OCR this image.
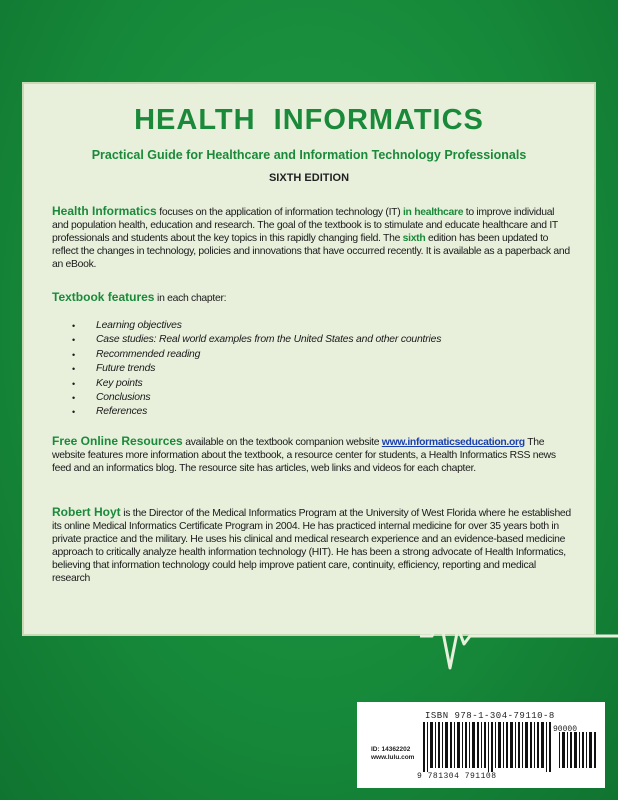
HEALTH  INFORMATICS
Practical Guide for Healthcare and Information Technology Professionals
SIXTH EDITION
Health Informatics focuses on the application of information technology (IT) in healthcare to improve individual and population health, education and research. The goal of the textbook is to stimulate and educate healthcare and IT professionals and students about the key topics in this rapidly changing field. The sixth edition has been updated to reflect the changes in technology, policies and innovations that have occurred recently. It is available as a paperback and an eBook.
Textbook features in each chapter:
• Learning objectives
• Case studies: Real world examples from the United States and other countries
• Recommended reading
• Future trends
• Key points
• Conclusions
• References
Free Online Resources available on the textbook companion website www.informaticseducation.org The website features more information about the textbook, a resource center for students, a Health Informatics RSS news feed and an informatics blog. The resource site has articles, web links and videos for each chapter.
Robert Hoyt is the Director of the Medical Informatics Program at the University of West Florida where he established its online Medical Informatics Certificate Program in 2004. He has practiced internal medicine for over 35 years both in private practice and the military. He uses his clinical and medical research experience and an evidence-based medicine approach to critically analyze health information technology (HIT). He has been a strong advocate of Health Informatics, believing that information technology could help improve patient care, continuity, efficiency, reporting and medical research
ISBN 978-1-304-79110-8
90000
ID: 14362202
www.lulu.com
9 781304 791108
